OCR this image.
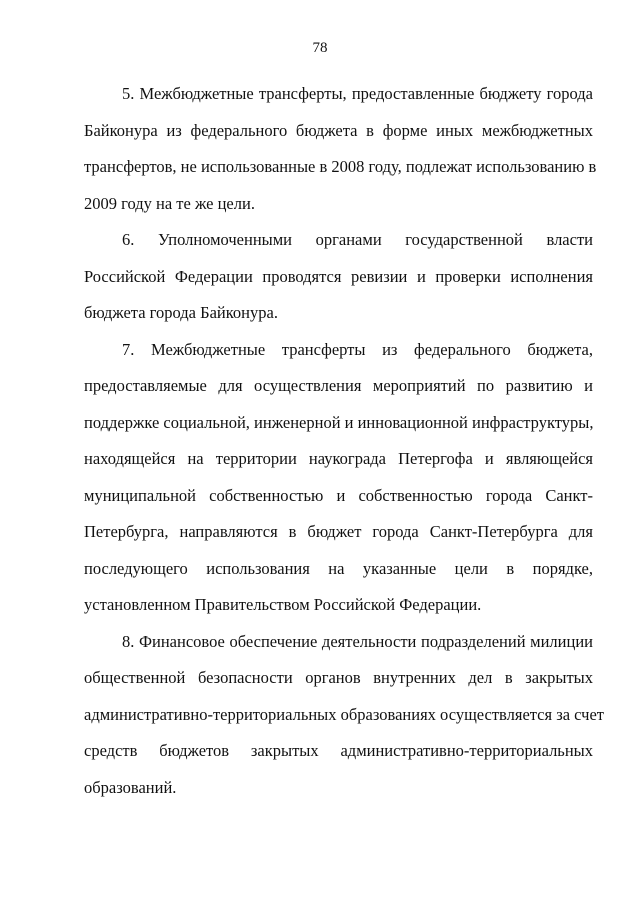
78

5. Межбюджетные трансферты, предоставленные бюджету города
Байконура из федерального бюджета в форме иных межбюджетных
трансфертов, не использованные в 2008 году, подлежат использованию в
2009 году на те же цели.

6. Уполномоченными органами государственной власти
Российской Федерации проводятся ревизии и проверки исполнения
бюджета города Байконура.

7. Межбюджетные трансферты из федерального бюджета,
предоставляемые для осуществления мероприятий по развитию и
поддержке социальной, инженерной и инновационной инфраструктуры,
находящейся на территории наукограда Петергофа и являющейся
муниципальной собственностью и собственностью города Санкт-
Петербурга, направляются в бюджет города Санкт-Петербурга для
последующего использования на указанные цели в порядке,
установленном Правительством Российской Федерации.

8. Финансовое обеспечение деятельности подразделений милиции
общественной безопасности органов внутренних дел в закрытых
административно-территориальных образованиях осуществляется за счет
средств бюджетов закрытых административно-территориальных
образований.
